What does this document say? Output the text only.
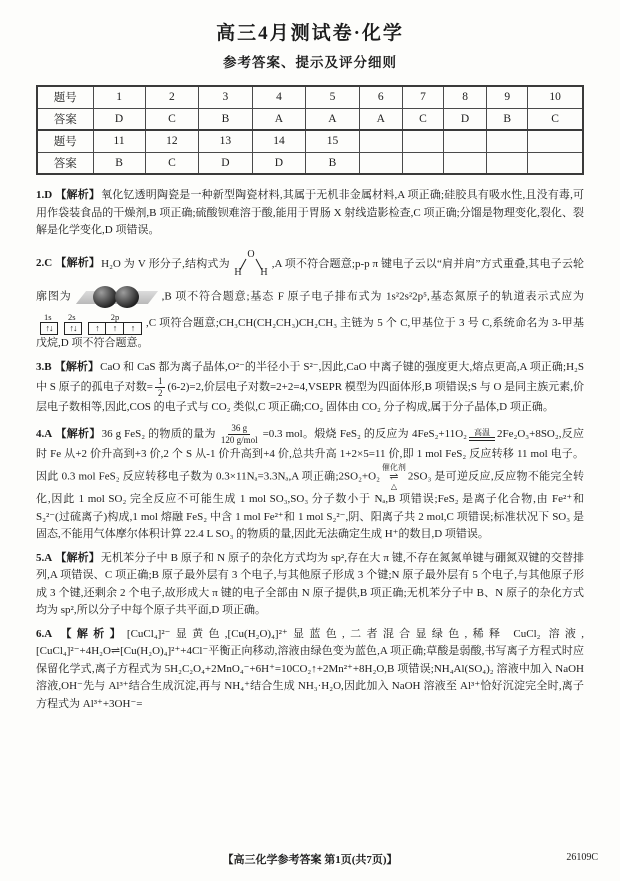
高三4月测试卷·化学
参考答案、提示及评分细则
题号	1	2	3	4	5	6	7	8	9	10
答案	D	C	B	A	A	A	C	D	B	C
题号	11	12	13	14	15					
答案	B	C	D	D	B					
1.D 【解析】氧化钇透明陶瓷是一种新型陶瓷材料,其属于无机非金属材料,A 项正确;硅胶具有吸水性,且没有毒,可用作袋装食品的干燥剂,B 项正确;硫酸钡难溶于酸,能用于胃肠 X 射线造影检查,C 项正确;分馏是物理变化,裂化、裂解是化学变化,D 项错误。
2.C 【解析】H₂O 为 V 形分子,结构式为
O
H H
,A 项不符合题意;p-p π 键电子云以“肩并肩”方式重叠,其电子云轮廓图为	,B 项不符合题意;基态 F 原子电子排布式为 1s²2s²2p⁵,基态氮原子的轨道表示式应为
1s	2s	2p
↑↓	↑↓	↑	↑	↑	,C 项符合题意;CH₃CH(CH₂CH₃)CH₂CH₃ 主链为 5 个 C,甲基位于 3 号 C,系统命名为 3-甲基戊烷,D 项不符合题意。
3.B 【解析】CaO 和 CaS 都为离子晶体,O²⁻的半径小于 S²⁻,因此,CaO 中离子键的强度更大,熔点更高,A 项正确;H₂S 中 S 原子的孤电子对数= $\frac{1}{2} (6-2)=2$,价层电子对数=2+2=4,VSEPR 模型为四面体形,B 项错误;S 与 O 是同主族元素,价层电子数相等,因此,COS 的电子式与 CO₂ 类似,C 项正确;CO₂ 固体由 CO₂ 分子构成,属于分子晶体,D 项正确。
4.A 【解析】36 g FeS₂ 的物质的量为 $\frac{36 g}{\text{120 g/mol}} =0.3$ mol。煅烧 FeS₂ 的反应为 4FeS₂+11O₂ 高温 2Fe₂O₃+8SO₂,反应时 Fe 从+2 价升高到+3 价,2 个 S 从-1 价升高到+4 价,总共升高 1+2×5=11 价,即 1 mol FeS₂ 反应转移 11 mol 电子。因此 0.3 mol FeS₂ 反应转移电子数为 0.3×11Nₐ=3.3Nₐ,A 项正确;2SO₂+O₂
催化剂
⇌
△
2SO₃ 是可逆反应,反应物不能完全转化,因此 1 mol SO₂ 完全反应不可能生成 1 mol SO₃,SO₃ 分子数小于 Nₐ,B 项错误;FeS₂ 是离子化合物,由 Fe²⁺和 S₂²⁻(过硫离子)构成,1 mol 熔融 FeS₂ 中含 1 mol Fe²⁺和 1 mol S₂²⁻,阴、阳离子共 2 mol,C 项错误;标准状况下 SO₃ 是固态,不能用气体摩尔体积计算 22.4 L SO₃ 的物质的量,因此无法确定生成 H⁺的数目,D 项错误。
5.A 【解析】无机苯分子中 B 原子和 N 原子的杂化方式均为 sp²,存在大 π 键,不存在氮氮单键与硼氮双键的交替排列,A 项错误、C 项正确;B 原子最外层有 3 个电子,与其他原子形成 3 个键;N 原子最外层有 5 个电子,与其他原子形成 3 个键,还剩余 2 个电子,故形成大 π 键的电子全部由 N 原子提供,B 项正确;无机苯分子中 B、N 原子的杂化方式均为 sp²,所以分子中每个原子共平面,D 项正确。
6.A 【解析】[CuCl₄]²⁻显黄色,[Cu(H₂O)₄]²⁺显蓝色,二者混合显绿色,稀释 CuCl₂ 溶液,[CuCl₄]²⁻+4H₂O⇌[Cu(H₂O)₄]²⁺+4Cl⁻平衡正向移动,溶液由绿色变为蓝色,A 项正确;草酸是弱酸,书写离子方程式时应保留化学式,离子方程式为 5H₂C₂O₄+2MnO₄⁻+6H⁺=10CO₂↑+2Mn²⁺+8H₂O,B 项错误;NH₄Al(SO₄)₂ 溶液中加入 NaOH 溶液,OH⁻先与 Al³⁺结合生成沉淀,再与 NH₄⁺结合生成 NH₃·H₂O,因此加入 NaOH 溶液至 Al³⁺恰好沉淀完全时,离子方程式为 Al³⁺+3OH⁻=
【高三化学参考答案 第1页(共7页)】	26109C
